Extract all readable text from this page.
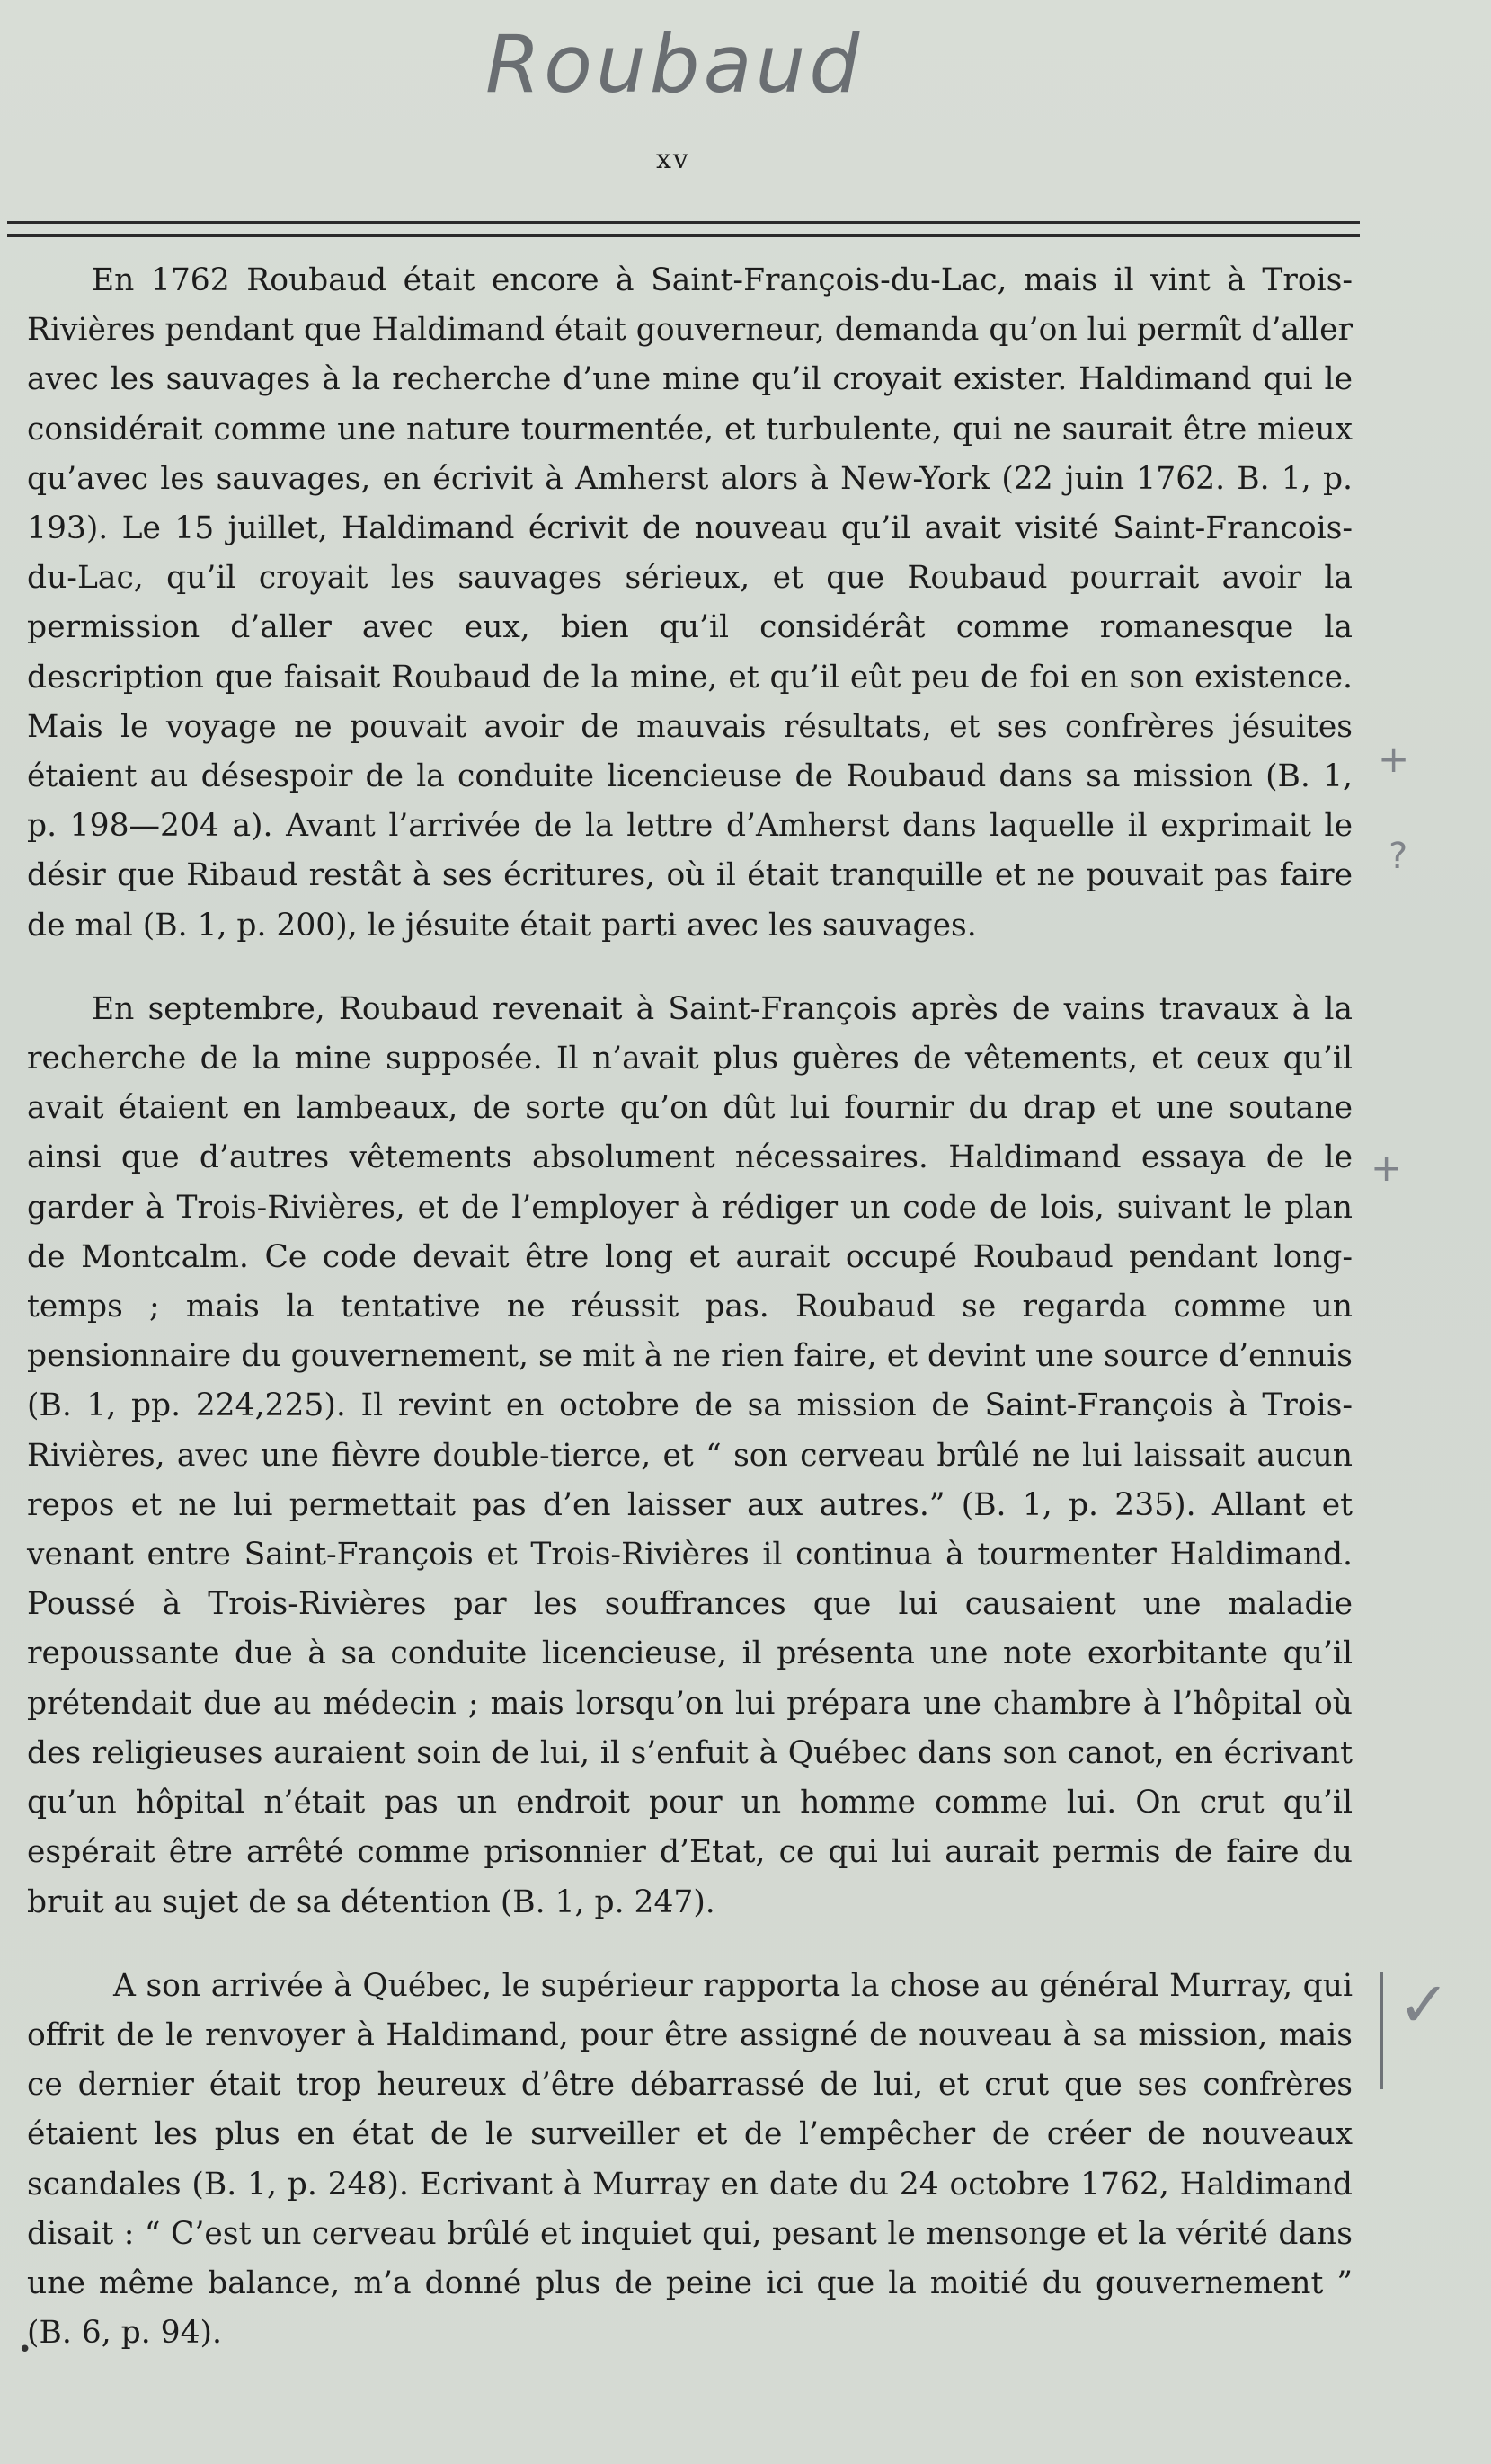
Roubaud
xv

En 1762 Roubaud était encore à Saint-François-du-Lac, mais il vint à Trois-Rivières pendant que Haldimand était gouverneur, demanda qu’on lui permît d’aller avec les sauvages à la recherche d’une mine qu’il croyait exister. Haldimand qui le considérait comme une nature tourmentée, et turbulente, qui ne saurait être mieux qu’avec les sauvages, en écrivit à Amherst alors à New-York (22 juin 1762. B. 1, p. 193). Le 15 juillet, Haldimand écrivit de nouveau qu’il avait visité Saint-Francois-du-Lac, qu’il croyait les sauvages sérieux, et que Roubaud pourrait avoir la permission d’aller avec eux, bien qu’il considérât comme romanesque la description que faisait Roubaud de la mine, et qu’il eût peu de foi en son existence. Mais le voyage ne pouvait avoir de mauvais résultats, et ses confrères jésuites étaient au désespoir de la conduite licencieuse de Roubaud dans sa mission (B. 1, p. 198—204 a). Avant l’arrivée de la lettre d’Amherst dans laquelle il exprimait le désir que Ribaud restât à ses écritures, où il était tranquille et ne pouvait pas faire de mal (B. 1, p. 200), le jésuite était parti avec les sauvages.

En septembre, Roubaud revenait à Saint-François après de vains travaux à la recherche de la mine supposée. Il n’avait plus guères de vêtements, et ceux qu’il avait étaient en lambeaux, de sorte qu’on dût lui fournir du drap et une soutane ainsi que d’autres vêtements absolument nécessaires. Haldimand essaya de le garder à Trois-Rivières, et de l’employer à rédiger un code de lois, suivant le plan de Montcalm. Ce code devait être long et aurait occupé Roubaud pendant long-temps ; mais la tentative ne réussit pas. Roubaud se regarda comme un pensionnaire du gouvernement, se mit à ne rien faire, et devint une source d’ennuis (B. 1, pp. 224,225). Il revint en octobre de sa mission de Saint-François à Trois-Rivières, avec une fièvre double-tierce, et “ son cerveau brûlé ne lui laissait aucun repos et ne lui permettait pas d’en laisser aux autres.” (B. 1, p. 235). Allant et venant entre Saint-François et Trois-Rivières il continua à tourmenter Haldimand. Poussé à Trois-Rivières par les souffrances que lui causaient une maladie repoussante due à sa conduite licencieuse, il présenta une note exorbitante qu’il prétendait due au médecin ; mais lorsqu’on lui prépara une chambre à l’hôpital où des religieuses auraient soin de lui, il s’enfuit à Québec dans son canot, en écrivant qu’un hôpital n’était pas un endroit pour un homme comme lui. On crut qu’il espérait être arrêté comme prisonnier d’Etat, ce qui lui aurait permis de faire du bruit au sujet de sa détention (B. 1, p. 247).

A son arrivée à Québec, le supérieur rapporta la chose au général Murray, qui offrit de le renvoyer à Haldimand, pour être assigné de nouveau à sa mission, mais ce dernier était trop heureux d’être débarrassé de lui, et crut que ses confrères étaient les plus en état de le surveiller et de l’empêcher de créer de nouveaux scandales (B. 1, p. 248). Ecrivant à Murray en date du 24 octobre 1762, Haldimand disait : “ C’est un cerveau brûlé et inquiet qui, pesant le mensonge et la vérité dans une même balance, m’a donné plus de peine ici que la moitié du gouvernement ” (B. 6, p. 94).

+
?
+
✓
•
